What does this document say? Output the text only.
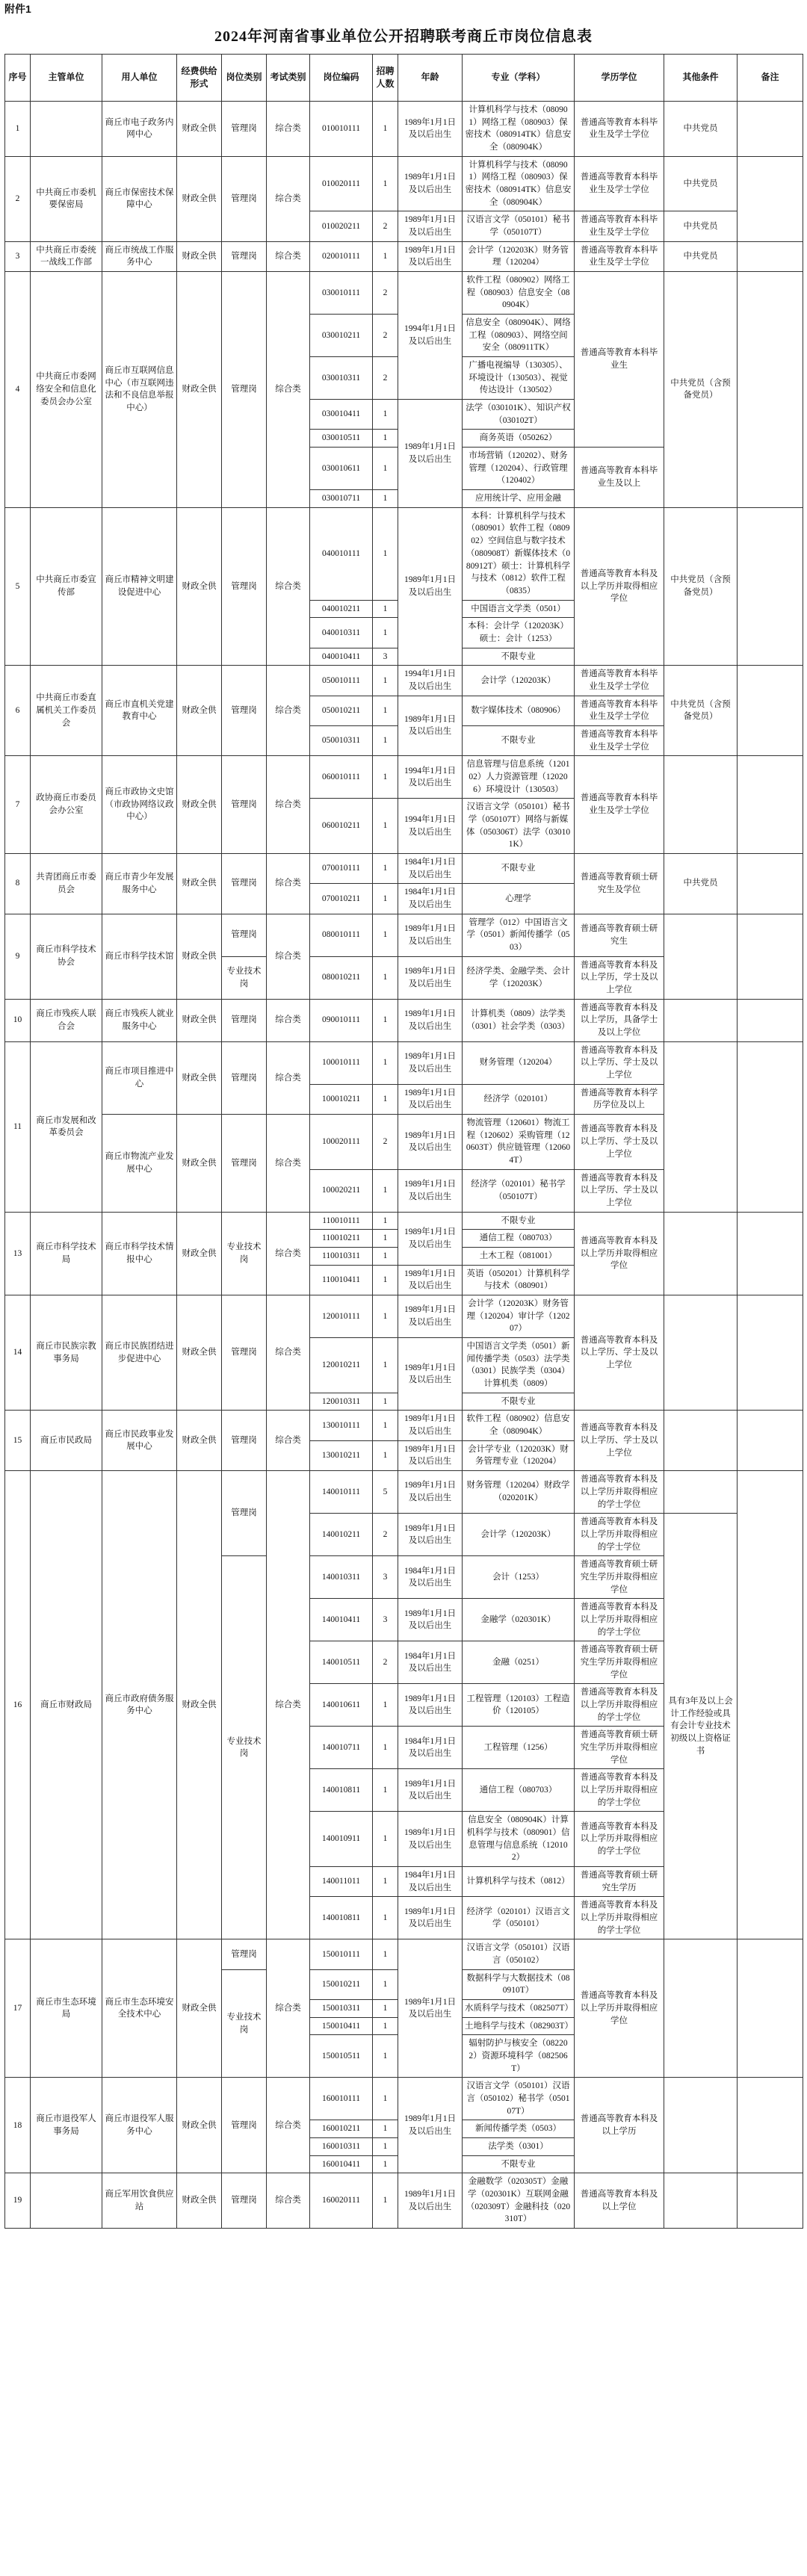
附件1
2024年河南省事业单位公开招聘联考商丘市岗位信息表
序号	主管单位	用人单位	经费供给形式	岗位类别	考试类别	岗位编码	招聘人数	年龄	专业（学科）	学历学位	其他条件	备注
1		商丘市电子政务内网中心	财政全供	管理岗	综合类	010010111	1	1989年1月1日及以后出生	计算机科学与技术（080901）网络工程（080903）保密技术（080914TK）信息安全（080904K）	普通高等教育本科毕业生及学士学位	中共党员	
2	中共商丘市委机要保密局	商丘市保密技术保障中心	财政全供	管理岗	综合类	010020111	1	1989年1月1日及以后出生	计算机科学与技术（080901）网络工程（080903）保密技术（080914TK）信息安全（080904K）	普通高等教育本科毕业生及学士学位	中共党员	
						010020211	2	1989年1月1日及以后出生	汉语言文学（050101）秘书学（050107T）	普通高等教育本科毕业生及学士学位	中共党员	
3	中共商丘市委统一战线工作部	商丘市统战工作服务中心	财政全供	管理岗	综合类	020010111	1	1989年1月1日及以后出生	会计学（120203K）财务管理（120204）	普通高等教育本科毕业生及学士学位	中共党员	
4	中共商丘市委网络安全和信息化委员会办公室	商丘市互联网信息中心（市互联网违法和不良信息举报中心）	财政全供	管理岗	综合类	030010111	2	1994年1月1日及以后出生	软件工程（080902）网络工程（080903）信息安全（080904K）	普通高等教育本科毕业生	中共党员（含预备党员）	
						030010211	2		信息安全（080904K）、网络工程（080903）、网络空间安全（080911TK）			
						030010311	2		广播电视编导（130305）、环境设计（130503）、视觉传达设计（130502）			
						030010411	1	1989年1月1日及以后出生	法学（030101K）、知识产权（030102T）			
						030010511	1		商务英语（050262）			
						030010611	1		市场营销（120202）、财务管理（120204）、行政管理（120402）	普通高等教育本科毕业生及以上		
						030010711	1		应用统计学、应用金融			
5	中共商丘市委宣传部	商丘市精神文明建设促进中心	财政全供	管理岗	综合类	040010111	1	1989年1月1日及以后出生	本科：计算机科学与技术（080901）软件工程（080902）空间信息与数字技术（080908T）新媒体技术（080912T）硕士：计算机科学与技术（0812）软件工程（0835）	普通高等教育本科及以上学历并取得相应学位	中共党员（含预备党员）	
						040010211	1		中国语言文学类（0501）			
						040010311	1		本科：会计学（120203K）硕士：会计（1253）			
						040010411	3		不限专业			
6	中共商丘市委直属机关工作委员会	商丘市直机关党建教育中心	财政全供	管理岗	综合类	050010111	1	1994年1月1日及以后出生	会计学（120203K）	普通高等教育本科毕业生及学士学位	中共党员（含预备党员）	
						050010211	1	1989年1月1日及以后出生	数字媒体技术（080906）	普通高等教育本科毕业生及学士学位		
						050010311	1		不限专业	普通高等教育本科毕业生及学士学位		
7	政协商丘市委员会办公室	商丘市政协文史馆（市政协网络议政中心）	财政全供	管理岗	综合类	060010111	1	1994年1月1日及以后出生	信息管理与信息系统（120102）人力资源管理（120206）环境设计（130503）	普通高等教育本科毕业生及学士学位		
						060010211	1	1994年1月1日及以后出生	汉语言文学（050101）秘书学（050107T）网络与新媒体（050306T）法学（030101K）			
8	共青团商丘市委员会	商丘市青少年发展服务中心	财政全供	管理岗	综合类	070010111	1	1984年1月1日及以后出生	不限专业	普通高等教育硕士研究生及学位	中共党员	
						070010211	1	1984年1月1日及以后出生	心理学			
9	商丘市科学技术协会	商丘市科学技术馆	财政全供	管理岗	综合类	080010111	1	1989年1月1日及以后出生	管理学（012）中国语言文学（0501）新闻传播学（0503）	普通高等教育硕士研究生		
				专业技术岗		080010211	1	1989年1月1日及以后出生	经济学类、金融学类、会计学（120203K）	普通高等教育本科及以上学历，学士及以上学位		
10	商丘市残疾人联合会	商丘市残疾人就业服务中心	财政全供	管理岗	综合类	090010111	1	1989年1月1日及以后出生	计算机类（0809）法学类（0301）社会学类（0303）	普通高等教育本科及以上学历，具备学士及以上学位		
11	商丘市发展和改革委员会	商丘市项目推进中心	财政全供	管理岗	综合类	100010111	1	1989年1月1日及以后出生	财务管理（120204）	普通高等教育本科及以上学历、学士及以上学位		
						100010211	1	1989年1月1日及以后出生	经济学（020101）	普通高等教育本科学历学位及以上		
		商丘市物流产业发展中心	财政全供	管理岗	综合类	100020111	2	1989年1月1日及以后出生	物流管理（120601）物流工程（120602）采购管理（120603T）供应链管理（120604T）	普通高等教育本科及以上学历、学士及以上学位		
						100020211	1	1989年1月1日及以后出生	经济学（020101）秘书学（050107T）	普通高等教育本科及以上学历、学士及以上学位		
13	商丘市科学技术局	商丘市科学技术情报中心	财政全供	专业技术岗	综合类	110010111	1	1989年1月1日及以后出生	不限专业	普通高等教育本科及以上学历并取得相应学位		
						110010211	1		通信工程（080703）			
						110010311	1		土木工程（081001）			
						110010411	1	1989年1月1日及以后出生	英语（050201）计算机科学与技术（080901）			
14	商丘市民族宗教事务局	商丘市民族团结进步促进中心	财政全供	管理岗	综合类	120010111	1	1989年1月1日及以后出生	会计学（120203K）财务管理（120204）审计学（120207）	普通高等教育本科及以上学历、学士及以上学位		
						120010211	1	1989年1月1日及以后出生	中国语言文学类（0501）新闻传播学类（0503）法学类（0301）民族学类（0304）计算机类（0809）			
						120010311	1		不限专业			
15	商丘市民政局	商丘市民政事业发展中心	财政全供	管理岗	综合类	130010111	1	1989年1月1日及以后出生	软件工程（080902）信息安全（080904K）	普通高等教育本科及以上学历、学士及以上学位		
						130010211	1	1989年1月1日及以后出生	会计学专业（120203K）财务管理专业（120204）			
16	商丘市财政局	商丘市政府债务服务中心	财政全供	管理岗	综合类	140010111	5	1989年1月1日及以后出生	财务管理（120204）财政学（020201K）	普通高等教育本科及以上学历并取得相应的学士学位		
						140010211	2	1989年1月1日及以后出生	会计学（120203K）	普通高等教育本科及以上学历并取得相应的学士学位	具有3年及以上会计工作经验或具有会计专业技术初级以上资格证书	
				专业技术岗		140010311	3	1984年1月1日及以后出生	会计（1253）	普通高等教育硕士研究生学历并取得相应学位		
						140010411	3	1989年1月1日及以后出生	金融学（020301K）	普通高等教育本科及以上学历并取得相应的学士学位		
						140010511	2	1984年1月1日及以后出生	金融（0251）	普通高等教育硕士研究生学历并取得相应学位		
						140010611	1	1989年1月1日及以后出生	工程管理（120103）工程造价（120105）	普通高等教育本科及以上学历并取得相应的学士学位		
						140010711	1	1984年1月1日及以后出生	工程管理（1256）	普通高等教育硕士研究生学历并取得相应学位		
						140010811	1	1989年1月1日及以后出生	通信工程（080703）	普通高等教育本科及以上学历并取得相应的学士学位		
						140010911	1	1989年1月1日及以后出生	信息安全（080904K）计算机科学与技术（080901）信息管理与信息系统（120102）	普通高等教育本科及以上学历并取得相应的学士学位		
						140011011	1	1984年1月1日及以后出生	计算机科学与技术（0812）	普通高等教育硕士研究生学历		
						140010811	1	1989年1月1日及以后出生	经济学（020101）汉语言文学（050101）	普通高等教育本科及以上学历并取得相应的学士学位		
17	商丘市生态环境局	商丘市生态环境安全技术中心	财政全供	管理岗	综合类	150010111	1	1989年1月1日及以后出生	汉语言文学（050101）汉语言（050102）	普通高等教育本科及以上学历并取得相应学位		
				专业技术岗		150010211	1		数据科学与大数据技术（080910T）			
						150010311	1		水质科学与技术（082507T）			
						150010411	1		土地科学与技术（082903T）			
						150010511	1		辐射防护与核安全（082202）资源环境科学（082506T）			
18	商丘市退役军人事务局	商丘市退役军人服务中心	财政全供	管理岗	综合类	160010111	1	1989年1月1日及以后出生	汉语言文学（050101）汉语言（050102）秘书学（050107T）	普通高等教育本科及以上学历		
						160010211	1		新闻传播学类（0503）			
						160010311	1		法学类（0301）			
						160010411	1		不限专业			
19		商丘军用饮食供应站	财政全供	管理岗	综合类	160020111	1	1989年1月1日及以后出生	金融数学（020305T）金融学（020301K）互联网金融（020309T）金融科技（020310T）	普通高等教育本科及以上学位		
